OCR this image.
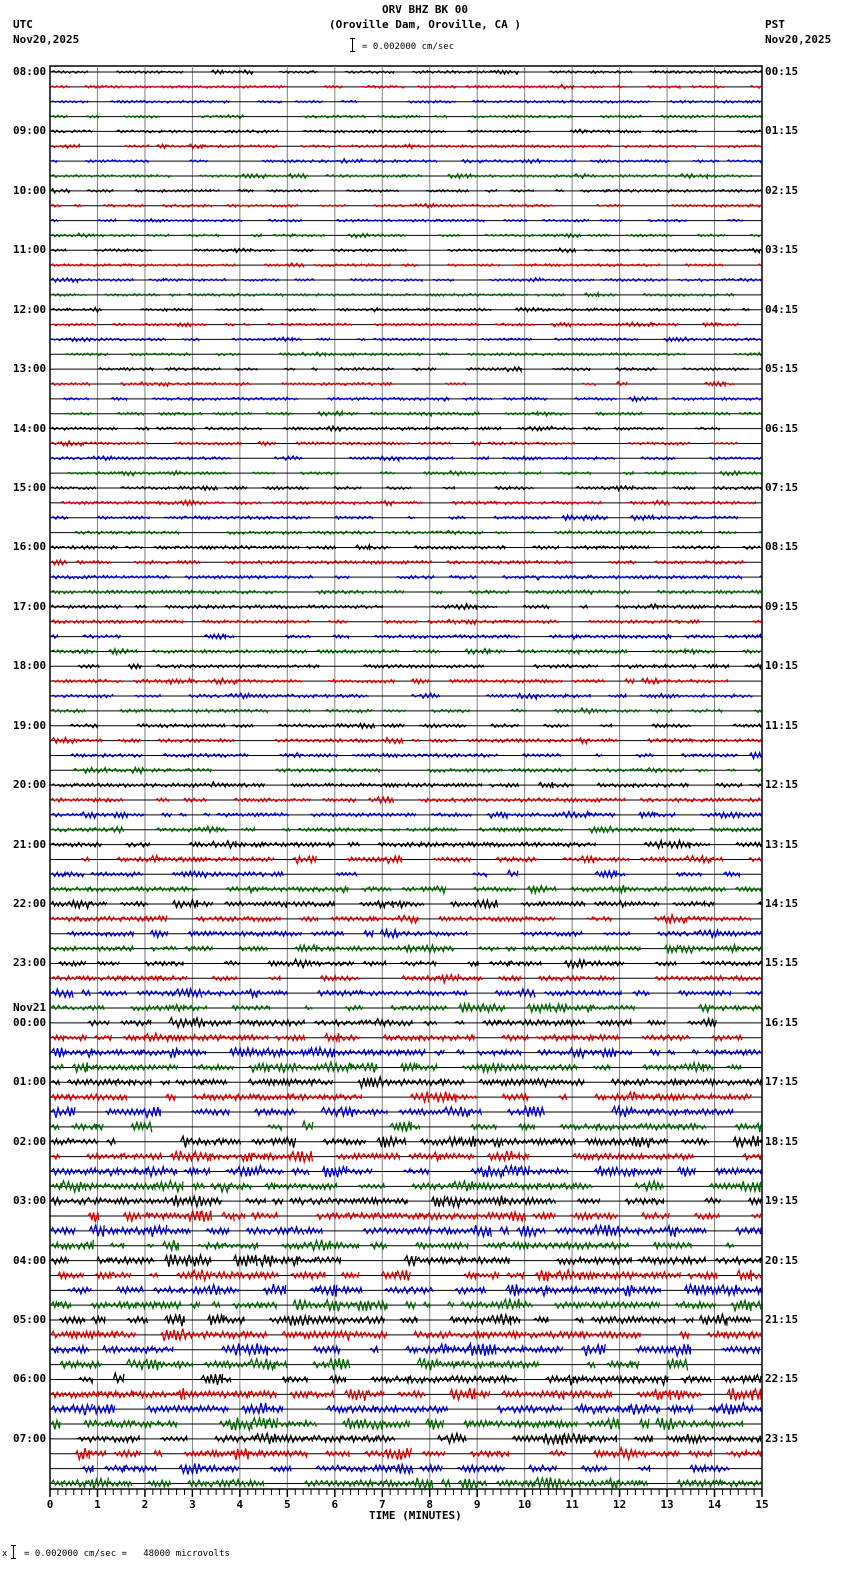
ORV BHZ BK 00
(Oroville Dam, Oroville, CA )
UTC
Nov20,2025
PST
Nov20,2025
= 0.002000 cm/sec
08:00
09:00
10:00
11:00
12:00
13:00
14:00
15:00
16:00
17:00
18:00
19:00
20:00
21:00
22:00
23:00
00:00
Nov21
01:00
02:00
03:00
04:00
05:00
06:00
07:00
00:15
01:15
02:15
03:15
04:15
05:15
06:15
07:15
08:15
09:15
10:15
11:15
12:15
13:15
14:15
15:15
16:15
17:15
18:15
19:15
20:15
21:15
22:15
23:15
0	1	2	3	4	5	6	7	8	9	10	11	12	13	14	15
TIME (MINUTES)
x = 0.002000 cm/sec =   48000 microvolts
